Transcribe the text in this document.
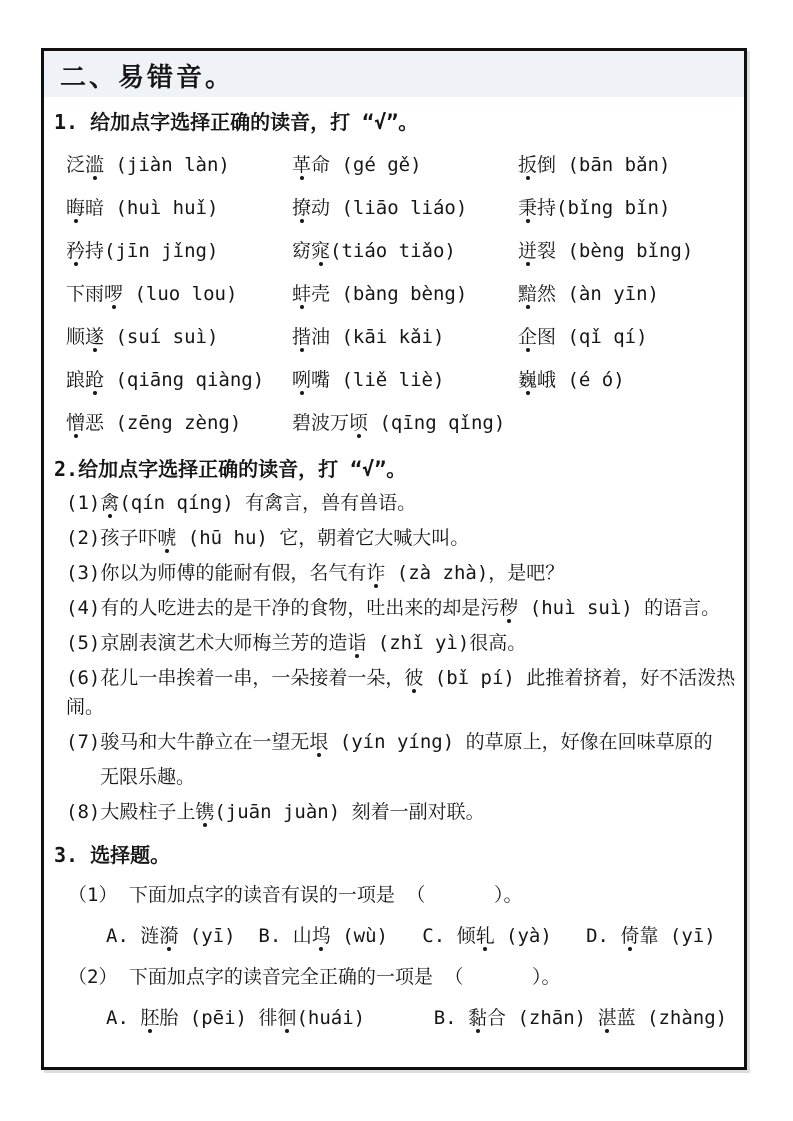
二、易错音。
1. 给加点字选择正确的读音，打 “√”。
泛滥 (jiàn làn)	革命 (gé gě)	扳倒 (bān bǎn)
晦暗 (huì huǐ)	撩动 (liāo liáo)	秉持(bǐng bǐn)
矜持(jīn jǐng)	窈窕(tiáo tiǎo)	迸裂 (bèng bǐng)
下雨啰 (luo lou)	蚌壳 (bàng bèng)	黯然 (àn yīn)
顺遂 (suí suì)	揩油 (kāi kǎi)	企图 (qǐ qí)
踉跄 (qiāng qiàng)	咧嘴 (liě liè)	巍峨 (é ó)
憎恶 (zēng zèng)	碧波万顷 (qīng qǐng)
2.给加点字选择正确的读音，打 “√”。
(1)禽(qín qíng) 有禽言，兽有兽语。
(2)孩子吓唬 (hū hu) 它，朝着它大喊大叫。
(3)你以为师傅的能耐有假，名气有诈 (zà zhà)，是吧？
(4)有的人吃进去的是干净的食物，吐出来的却是污秽 (huì suì) 的语言。
(5)京剧表演艺术大师梅兰芳的造诣 (zhǐ yì)很高。
(6)花儿一串挨着一串，一朵接着一朵，彼 (bǐ pí) 此推着挤着，好不活泼热闹。
(7)骏马和大牛静立在一望无垠 (yín yíng) 的草原上，好像在回味草原的
无限乐趣。
(8)大殿柱子上镌(juān juàn) 刻着一副对联。
3. 选择题。
（1） 下面加点字的读音有误的一项是 （      ）。
A. 涟漪 (yī)  B. 山坞 (wù)   C. 倾轧 (yà)   D. 倚靠 (yī)
（2） 下面加点字的读音完全正确的一项是 （      ）。
A. 胚胎 (pēi) 徘徊(huái)      B. 黏合 (zhān) 湛蓝 (zhàng)
